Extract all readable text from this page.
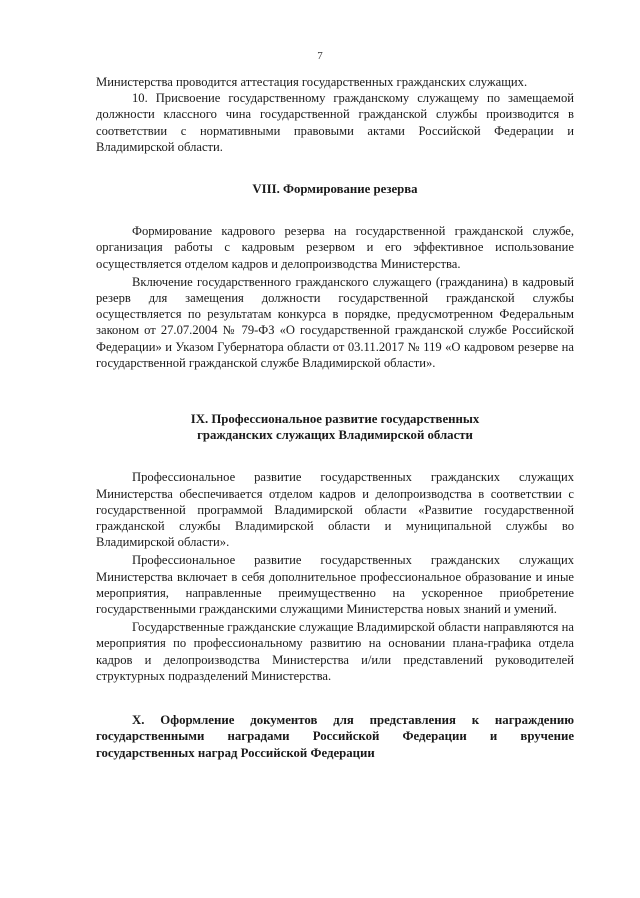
7

Министерства проводится аттестация государственных гражданских служащих.

10. Присвоение государственному гражданскому служащему по замещаемой должности классного чина государственной гражданской службы производится в соответствии с нормативными правовыми актами Российской Федерации и Владимирской области.

VIII. Формирование резерва

Формирование кадрового резерва на государственной гражданской службе, организация работы с кадровым резервом и его эффективное использование осуществляется отделом кадров и делопроизводства Министерства.

Включение государственного гражданского служащего (гражданина) в кадровый резерв для замещения должности государственной гражданской службы осуществляется по результатам конкурса в порядке, предусмотренном Федеральным законом от 27.07.2004 № 79-ФЗ «О государственной гражданской службе Российской Федерации» и Указом Губернатора области от 03.11.2017 № 119 «О кадровом резерве на государственной гражданской службе Владимирской области».

IX. Профессиональное развитие государственных
гражданских служащих Владимирской области

Профессиональное развитие государственных гражданских служащих Министерства обеспечивается отделом кадров и делопроизводства в соответствии с государственной программой Владимирской области «Развитие государственной гражданской службы Владимирской области и муниципальной службы во Владимирской области».

Профессиональное развитие государственных гражданских служащих Министерства включает в себя дополнительное профессиональное образование и иные мероприятия, направленные преимущественно на ускоренное приобретение государственными гражданскими служащими Министерства новых знаний и умений.

Государственные гражданские служащие Владимирской области направляются на мероприятия по профессиональному развитию на основании плана-графика отдела кадров и делопроизводства Министерства и/или представлений руководителей структурных подразделений Министерства.

X. Оформление документов для представления к награждению государственными наградами Российской Федерации и вручение государственных наград Российской Федерации
